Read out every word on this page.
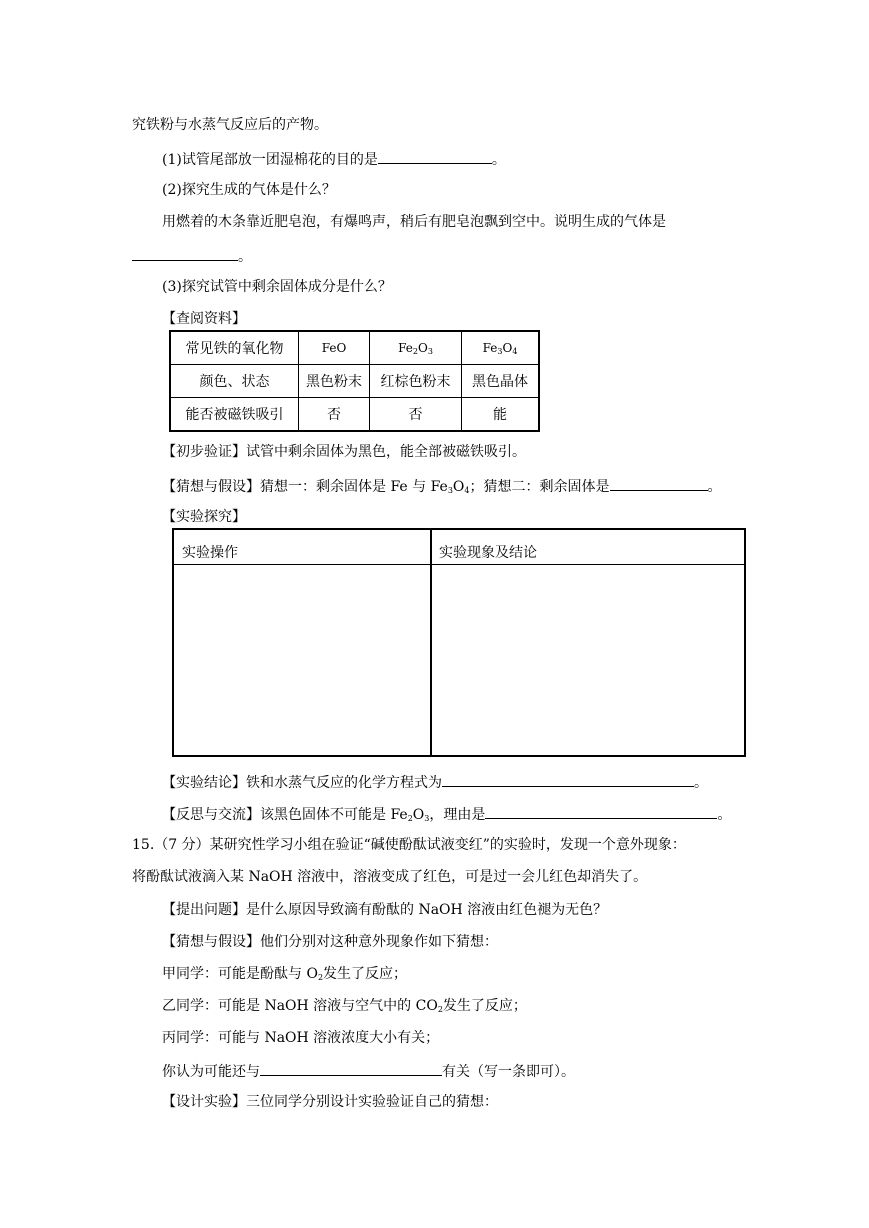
究铁粉与水蒸气反应后的产物。
(1)试管尾部放一团湿棉花的目的是	。
(2)探究生成的气体是什么？
用燃着的木条靠近肥皂泡，有爆鸣声，稍后有肥皂泡飘到空中。说明生成的气体是
。
(3)探究试管中剩余固体成分是什么？
【查阅资料】
常见铁的氧化物	FeO	$Fe_2O_3$	$Fe_3O_4$
颜色、状态	黑色粉末	红棕色粉末	黑色晶体
能否被磁铁吸引	否	否	能
【初步验证】试管中剩余固体为黑色，能全部被磁铁吸引。
【猜想与假设】猜想一：剩余固体是 Fe 与 $Fe_3O_4$；猜想二：剩余固体是	。
【实验探究】
实验操作	实验现象及结论
【实验结论】铁和水蒸气反应的化学方程式为	。
【反思与交流】该黑色固体不可能是 $Fe_2O_3$，理由是	。
15.（7 分）某研究性学习小组在验证“碱使酚酞试液变红”的实验时，发现一个意外现象：
将酚酞试液滴入某 NaOH 溶液中，溶液变成了红色，可是过一会儿红色却消失了。
【提出问题】是什么原因导致滴有酚酞的 NaOH 溶液由红色褪为无色？
【猜想与假设】他们分别对这种意外现象作如下猜想：
甲同学：可能是酚酞与 $O_2$发生了反应；
乙同学：可能是 NaOH 溶液与空气中的 $CO_2$发生了反应；
丙同学：可能与 NaOH 溶液浓度大小有关；
你认为可能还与	有关（写一条即可）。
【设计实验】三位同学分别设计实验验证自己的猜想：
